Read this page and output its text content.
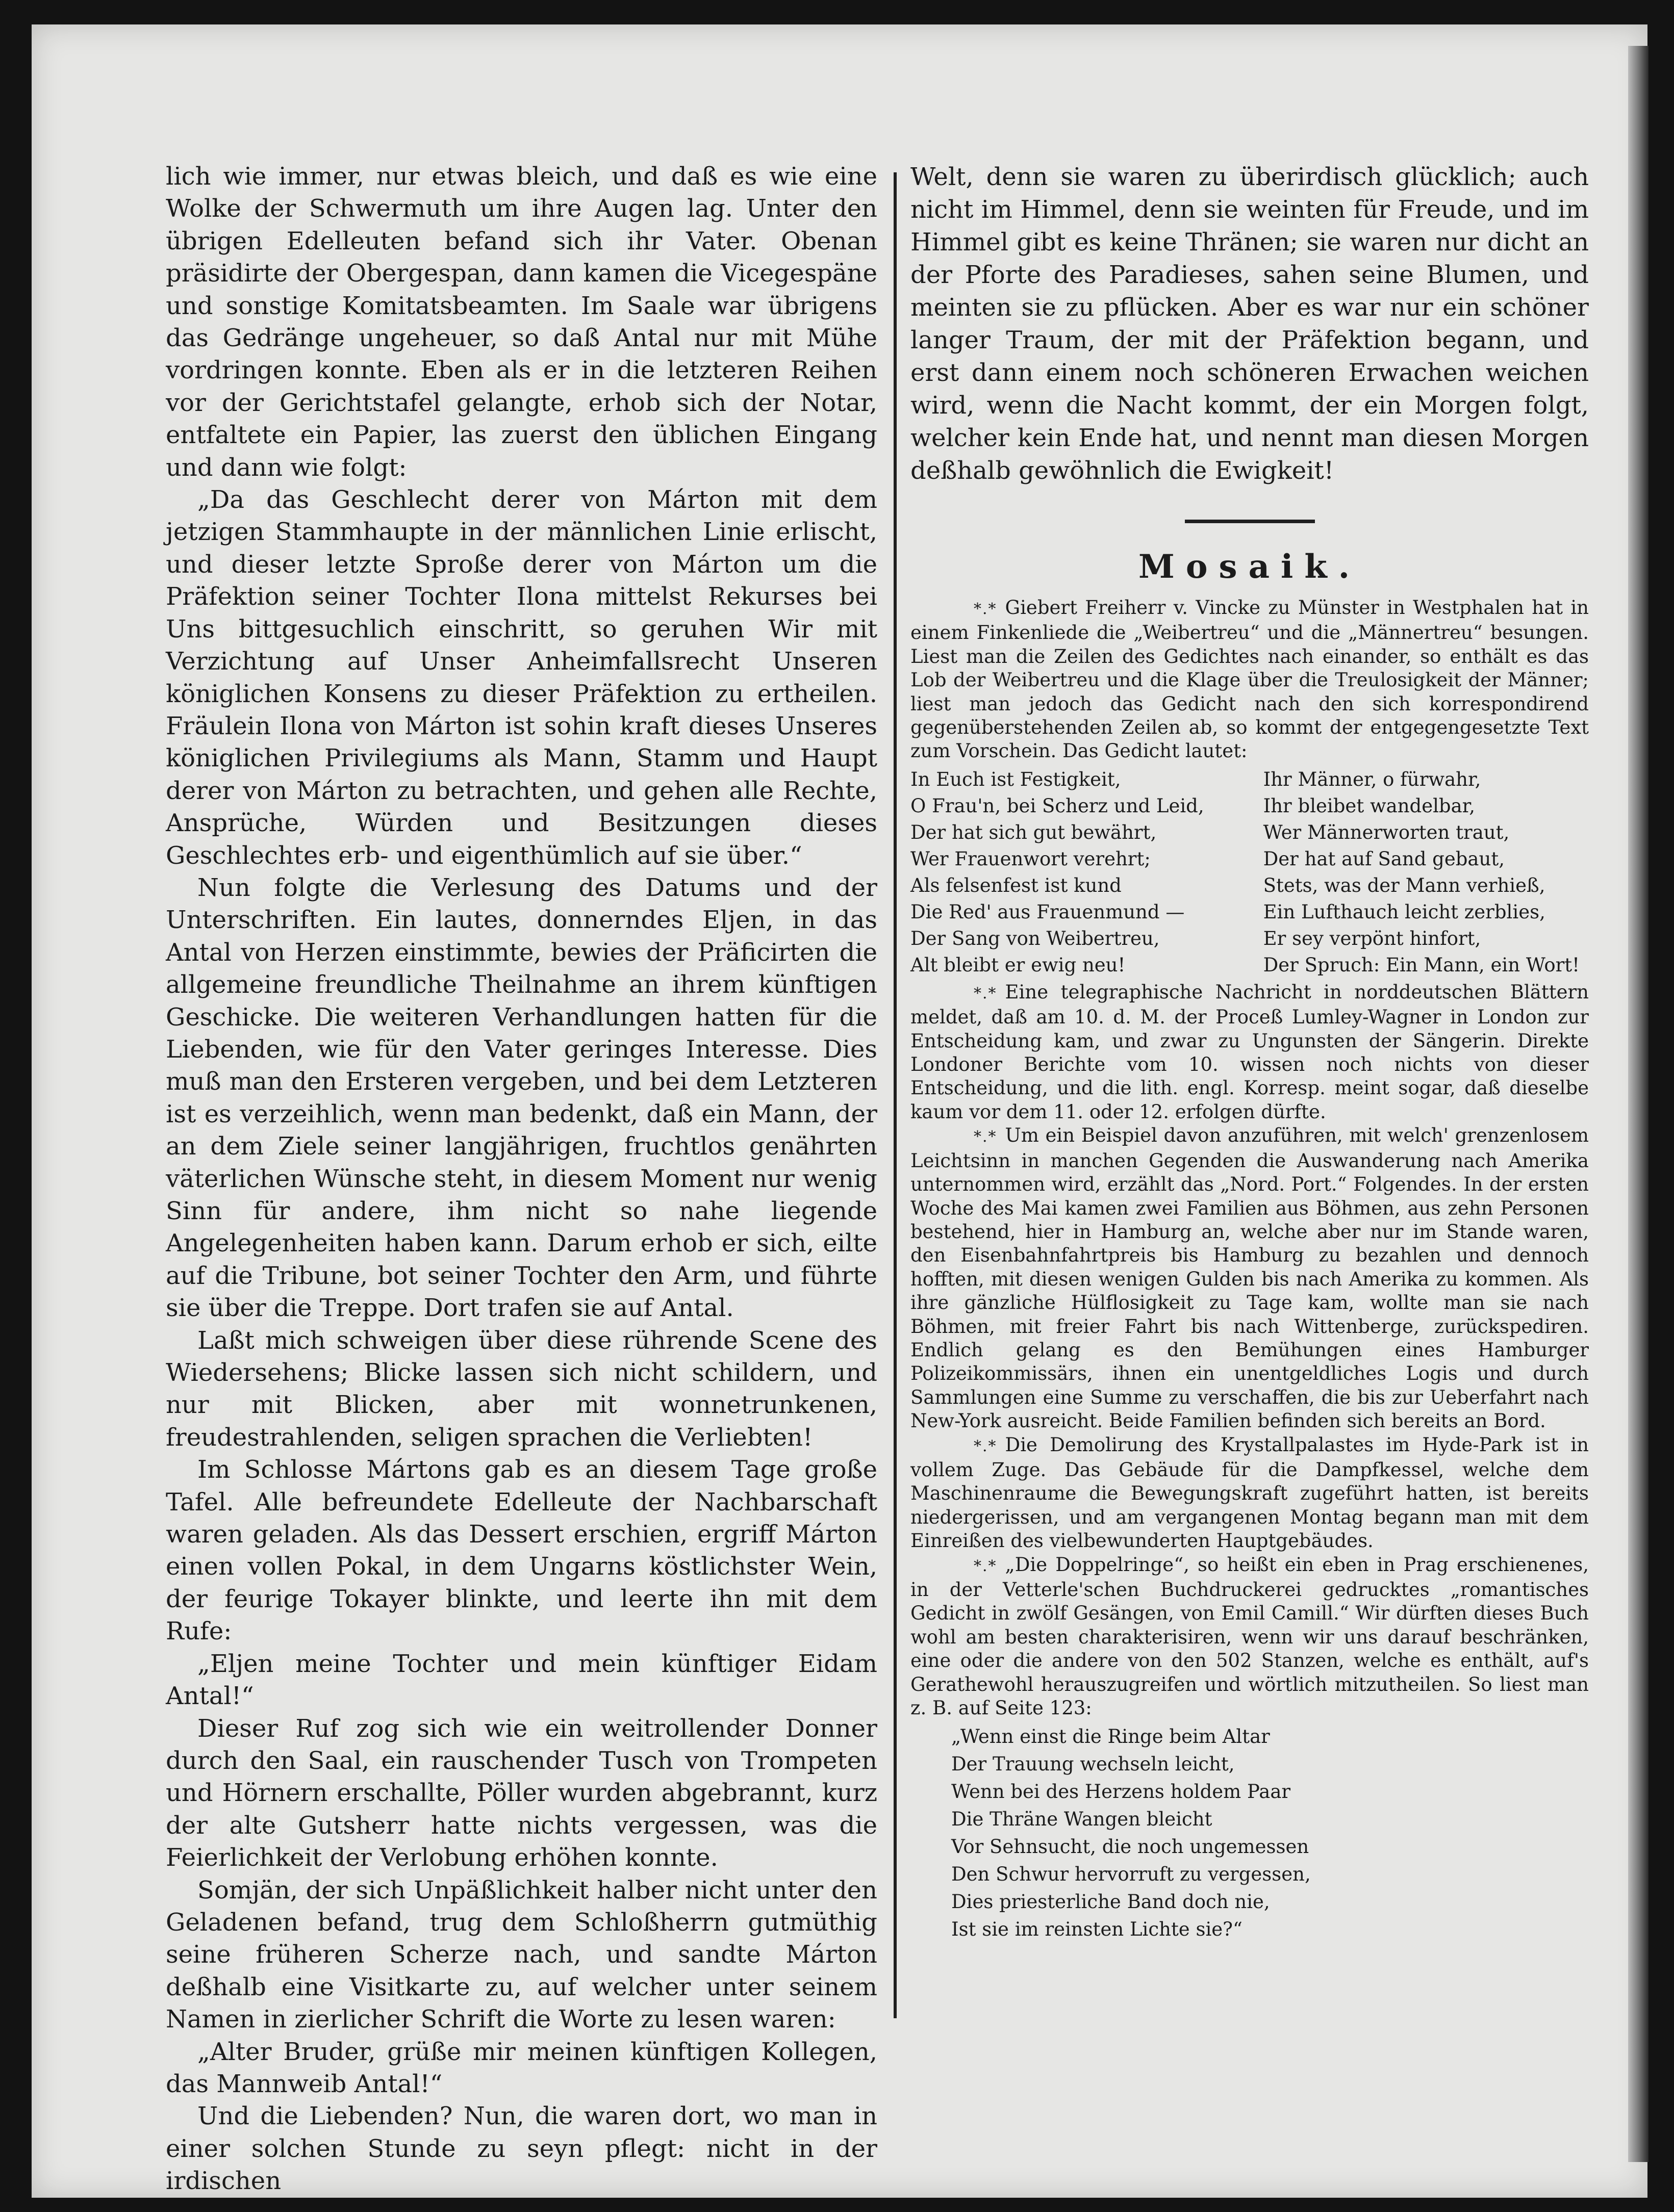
lich wie immer, nur etwas bleich, und daß es wie eine Wolke der Schwermuth um ihre Augen lag. Unter den übrigen Edelleuten befand sich ihr Vater. Obenan präsidirte der Obergespan, dann kamen die Vicegespäne und sonstige Komitatsbeamten. Im Saale war übrigens das Gedränge ungeheuer, so daß Antal nur mit Mühe vordringen konnte. Eben als er in die letzteren Reihen vor der Gerichtstafel gelangte, erhob sich der Notar, entfaltete ein Papier, las zuerst den üblichen Eingang und dann wie folgt:

„Da das Geschlecht derer von Márton mit dem jetzigen Stammhaupte in der männlichen Linie erlischt, und dieser letzte Sproße derer von Márton um die Präfektion seiner Tochter Ilona mittelst Rekurses bei Uns bittgesuchlich einschritt, so geruhen Wir mit Verzichtung auf Unser Anheimfallsrecht Unseren königlichen Konsens zu dieser Präfektion zu ertheilen. Fräulein Ilona von Márton ist sohin kraft dieses Unseres königlichen Privilegiums als Mann, Stamm und Haupt derer von Márton zu betrachten, und gehen alle Rechte, Ansprüche, Würden und Besitzungen dieses Geschlechtes erb- und eigenthümlich auf sie über.“

Nun folgte die Verlesung des Datums und der Unterschriften. Ein lautes, donnerndes Eljen, in das Antal von Herzen einstimmte, bewies der Präficirten die allgemeine freundliche Theilnahme an ihrem künftigen Geschicke. Die weiteren Verhandlungen hatten für die Liebenden, wie für den Vater geringes Interesse. Dies muß man den Ersteren vergeben, und bei dem Letzteren ist es verzeihlich, wenn man bedenkt, daß ein Mann, der an dem Ziele seiner langjährigen, fruchtlos genährten väterlichen Wünsche steht, in diesem Moment nur wenig Sinn für andere, ihm nicht so nahe liegende Angelegenheiten haben kann. Darum erhob er sich, eilte auf die Tribune, bot seiner Tochter den Arm, und führte sie über die Treppe. Dort trafen sie auf Antal.

Laßt mich schweigen über diese rührende Scene des Wiedersehens; Blicke lassen sich nicht schildern, und nur mit Blicken, aber mit wonnetrunkenen, freudestrahlenden, seligen sprachen die Verliebten!

Im Schlosse Mártons gab es an diesem Tage große Tafel. Alle befreundete Edelleute der Nachbarschaft waren geladen. Als das Dessert erschien, ergriff Márton einen vollen Pokal, in dem Ungarns köstlichster Wein, der feurige Tokayer blinkte, und leerte ihn mit dem Rufe:

„Eljen meine Tochter und mein künftiger Eidam Antal!“

Dieser Ruf zog sich wie ein weitrollender Donner durch den Saal, ein rauschender Tusch von Trompeten und Hörnern erschallte, Pöller wurden abgebrannt, kurz der alte Gutsherr hatte nichts vergessen, was die Feierlichkeit der Verlobung erhöhen konnte.

Somjän, der sich Unpäßlichkeit halber nicht unter den Geladenen befand, trug dem Schloßherrn gutmüthig seine früheren Scherze nach, und sandte Márton deßhalb eine Visitkarte zu, auf welcher unter seinem Namen in zierlicher Schrift die Worte zu lesen waren:

„Alter Bruder, grüße mir meinen künftigen Kollegen, das Mannweib Antal!“

Und die Liebenden? Nun, die waren dort, wo man in einer solchen Stunde zu seyn pflegt: nicht in der irdischen

Welt, denn sie waren zu überirdisch glücklich; auch nicht im Himmel, denn sie weinten für Freude, und im Himmel gibt es keine Thränen; sie waren nur dicht an der Pforte des Paradieses, sahen seine Blumen, und meinten sie zu pflücken. Aber es war nur ein schöner langer Traum, der mit der Präfektion begann, und erst dann einem noch schöneren Erwachen weichen wird, wenn die Nacht kommt, der ein Morgen folgt, welcher kein Ende hat, und nennt man diesen Morgen deßhalb gewöhnlich die Ewigkeit!

Mosaik.

*.* Giebert Freiherr v. Vincke zu Münster in Westphalen hat in einem Finkenliede die „Weibertreu“ und die „Männertreu“ besungen. Liest man die Zeilen des Gedichtes nach einander, so enthält es das Lob der Weibertreu und die Klage über die Treulosigkeit der Männer; liest man jedoch das Gedicht nach den sich korrespondirend gegenüberstehenden Zeilen ab, so kommt der entgegengesetzte Text zum Vorschein. Das Gedicht lautet:

In Euch ist Festigkeit,
O Frau'n, bei Scherz und Leid,
Der hat sich gut bewährt,
Wer Frauenwort verehrt;
Als felsenfest ist kund
Die Red' aus Frauenmund —
Der Sang von Weibertreu,
Alt bleibt er ewig neu!
Ihr Männer, o fürwahr,
Ihr bleibet wandelbar,
Wer Männerworten traut,
Der hat auf Sand gebaut,
Stets, was der Mann verhieß,
Ein Lufthauch leicht zerblies,
Er sey verpönt hinfort,
Der Spruch: Ein Mann, ein Wort!

*.* Eine telegraphische Nachricht in norddeutschen Blättern meldet, daß am 10. d. M. der Proceß Lumley-Wagner in London zur Entscheidung kam, und zwar zu Ungunsten der Sängerin. Direkte Londoner Berichte vom 10. wissen noch nichts von dieser Entscheidung, und die lith. engl. Korresp. meint sogar, daß dieselbe kaum vor dem 11. oder 12. erfolgen dürfte.

*.* Um ein Beispiel davon anzuführen, mit welch' grenzenlosem Leichtsinn in manchen Gegenden die Auswanderung nach Amerika unternommen wird, erzählt das „Nord. Port.“ Folgendes. In der ersten Woche des Mai kamen zwei Familien aus Böhmen, aus zehn Personen bestehend, hier in Hamburg an, welche aber nur im Stande waren, den Eisenbahnfahrtpreis bis Hamburg zu bezahlen und dennoch hofften, mit diesen wenigen Gulden bis nach Amerika zu kommen. Als ihre gänzliche Hülflosigkeit zu Tage kam, wollte man sie nach Böhmen, mit freier Fahrt bis nach Wittenberge, zurückspediren. Endlich gelang es den Bemühungen eines Hamburger Polizeikommissärs, ihnen ein unentgeldliches Logis und durch Sammlungen eine Summe zu verschaffen, die bis zur Ueberfahrt nach New-York ausreicht. Beide Familien befinden sich bereits an Bord.

*.* Die Demolirung des Krystallpalastes im Hyde-Park ist in vollem Zuge. Das Gebäude für die Dampfkessel, welche dem Maschinenraume die Bewegungskraft zugeführt hatten, ist bereits niedergerissen, und am vergangenen Montag begann man mit dem Einreißen des vielbewunderten Hauptgebäudes.

*.* „Die Doppelringe“, so heißt ein eben in Prag erschienenes, in der Vetterle'schen Buchdruckerei gedrucktes „romantisches Gedicht in zwölf Gesängen, von Emil Camill.“ Wir dürften dieses Buch wohl am besten charakterisiren, wenn wir uns darauf beschränken, eine oder die andere von den 502 Stanzen, welche es enthält, auf's Gerathewohl herauszugreifen und wörtlich mitzutheilen. So liest man z. B. auf Seite 123:

„Wenn einst die Ringe beim Altar
Der Trauung wechseln leicht,
Wenn bei des Herzens holdem Paar
Die Thräne Wangen bleicht
Vor Sehnsucht, die noch ungemessen
Den Schwur hervorruft zu vergessen,
Dies priesterliche Band doch nie,
Ist sie im reinsten Lichte sie?“
